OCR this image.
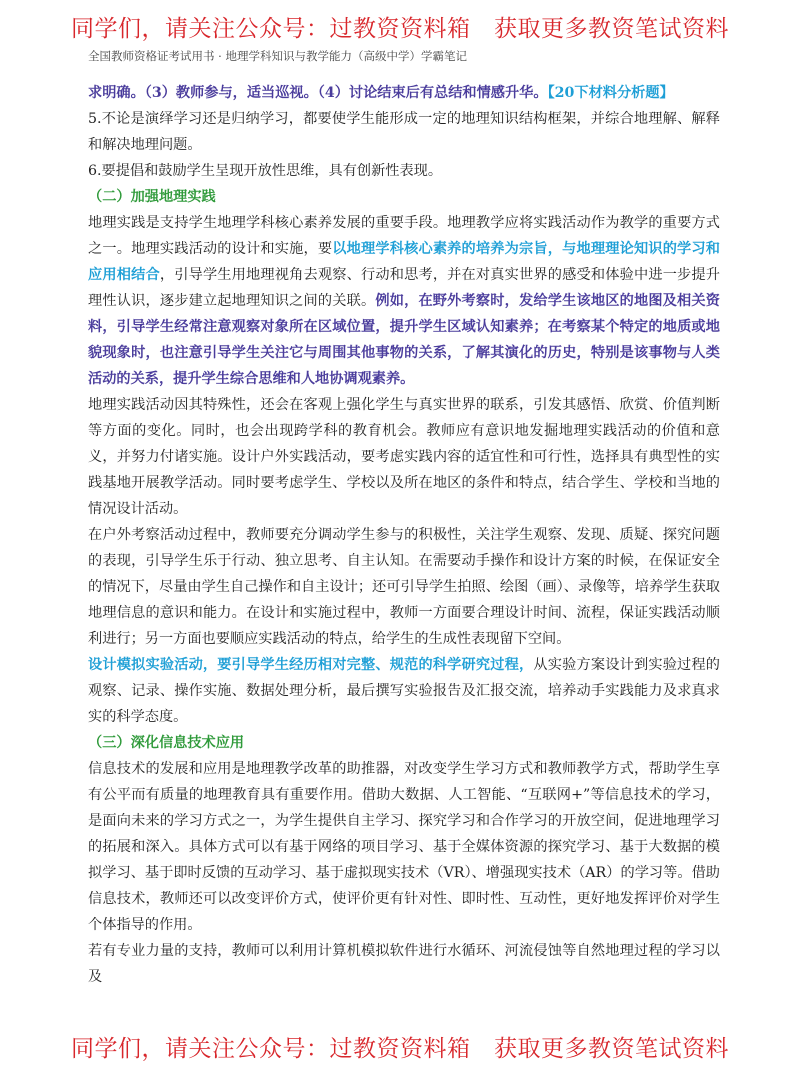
同学们，请关注公众号：过教资资料箱　获取更多教资笔试资料
全国教师资格证考试用书 · 地理学科知识与教学能力（高级中学）学霸笔记

求明确。（3）教师参与，适当巡视。（4）讨论结束后有总结和情感升华。【20下材料分析题】

5.不论是演绎学习还是归纳学习，都要使学生能形成一定的地理知识结构框架，并综合地理解、解释和解决地理问题。

6.要提倡和鼓励学生呈现开放性思维，具有创新性表现。

（二）加强地理实践

地理实践是支持学生地理学科核心素养发展的重要手段。地理教学应将实践活动作为教学的重要方式之一。地理实践活动的设计和实施，要以地理学科核心素养的培养为宗旨，与地理理论知识的学习和应用相结合，引导学生用地理视角去观察、行动和思考，并在对真实世界的感受和体验中进一步提升理性认识，逐步建立起地理知识之间的关联。例如，在野外考察时，发给学生该地区的地图及相关资料，引导学生经常注意观察对象所在区域位置，提升学生区域认知素养；在考察某个特定的地质或地貌现象时，也注意引导学生关注它与周围其他事物的关系，了解其演化的历史，特别是该事物与人类活动的关系，提升学生综合思维和人地协调观素养。

地理实践活动因其特殊性，还会在客观上强化学生与真实世界的联系，引发其感悟、欣赏、价值判断等方面的变化。同时，也会出现跨学科的教育机会。教师应有意识地发掘地理实践活动的价值和意义，并努力付诸实施。设计户外实践活动，要考虑实践内容的适宜性和可行性，选择具有典型性的实践基地开展教学活动。同时要考虑学生、学校以及所在地区的条件和特点，结合学生、学校和当地的情况设计活动。

在户外考察活动过程中，教师要充分调动学生参与的积极性，关注学生观察、发现、质疑、探究问题的表现，引导学生乐于行动、独立思考、自主认知。在需要动手操作和设计方案的时候，在保证安全的情况下，尽量由学生自己操作和自主设计；还可引导学生拍照、绘图（画）、录像等，培养学生获取地理信息的意识和能力。在设计和实施过程中，教师一方面要合理设计时间、流程，保证实践活动顺利进行；另一方面也要顺应实践活动的特点，给学生的生成性表现留下空间。

设计模拟实验活动，要引导学生经历相对完整、规范的科学研究过程，从实验方案设计到实验过程的观察、记录、操作实施、数据处理分析，最后撰写实验报告及汇报交流，培养动手实践能力及求真求实的科学态度。

（三）深化信息技术应用

信息技术的发展和应用是地理教学改革的助推器，对改变学生学习方式和教师教学方式，帮助学生享有公平而有质量的地理教育具有重要作用。借助大数据、人工智能、“互联网+”等信息技术的学习，是面向未来的学习方式之一，为学生提供自主学习、探究学习和合作学习的开放空间，促进地理学习的拓展和深入。具体方式可以有基于网络的项目学习、基于全媒体资源的探究学习、基于大数据的模拟学习、基于即时反馈的互动学习、基于虚拟现实技术（VR）、增强现实技术（AR）的学习等。借助信息技术，教师还可以改变评价方式，使评价更有针对性、即时性、互动性，更好地发挥评价对学生个体指导的作用。

若有专业力量的支持，教师可以利用计算机模拟软件进行水循环、河流侵蚀等自然地理过程的学习以及

同学们，请关注公众号：过教资资料箱　获取更多教资笔试资料
